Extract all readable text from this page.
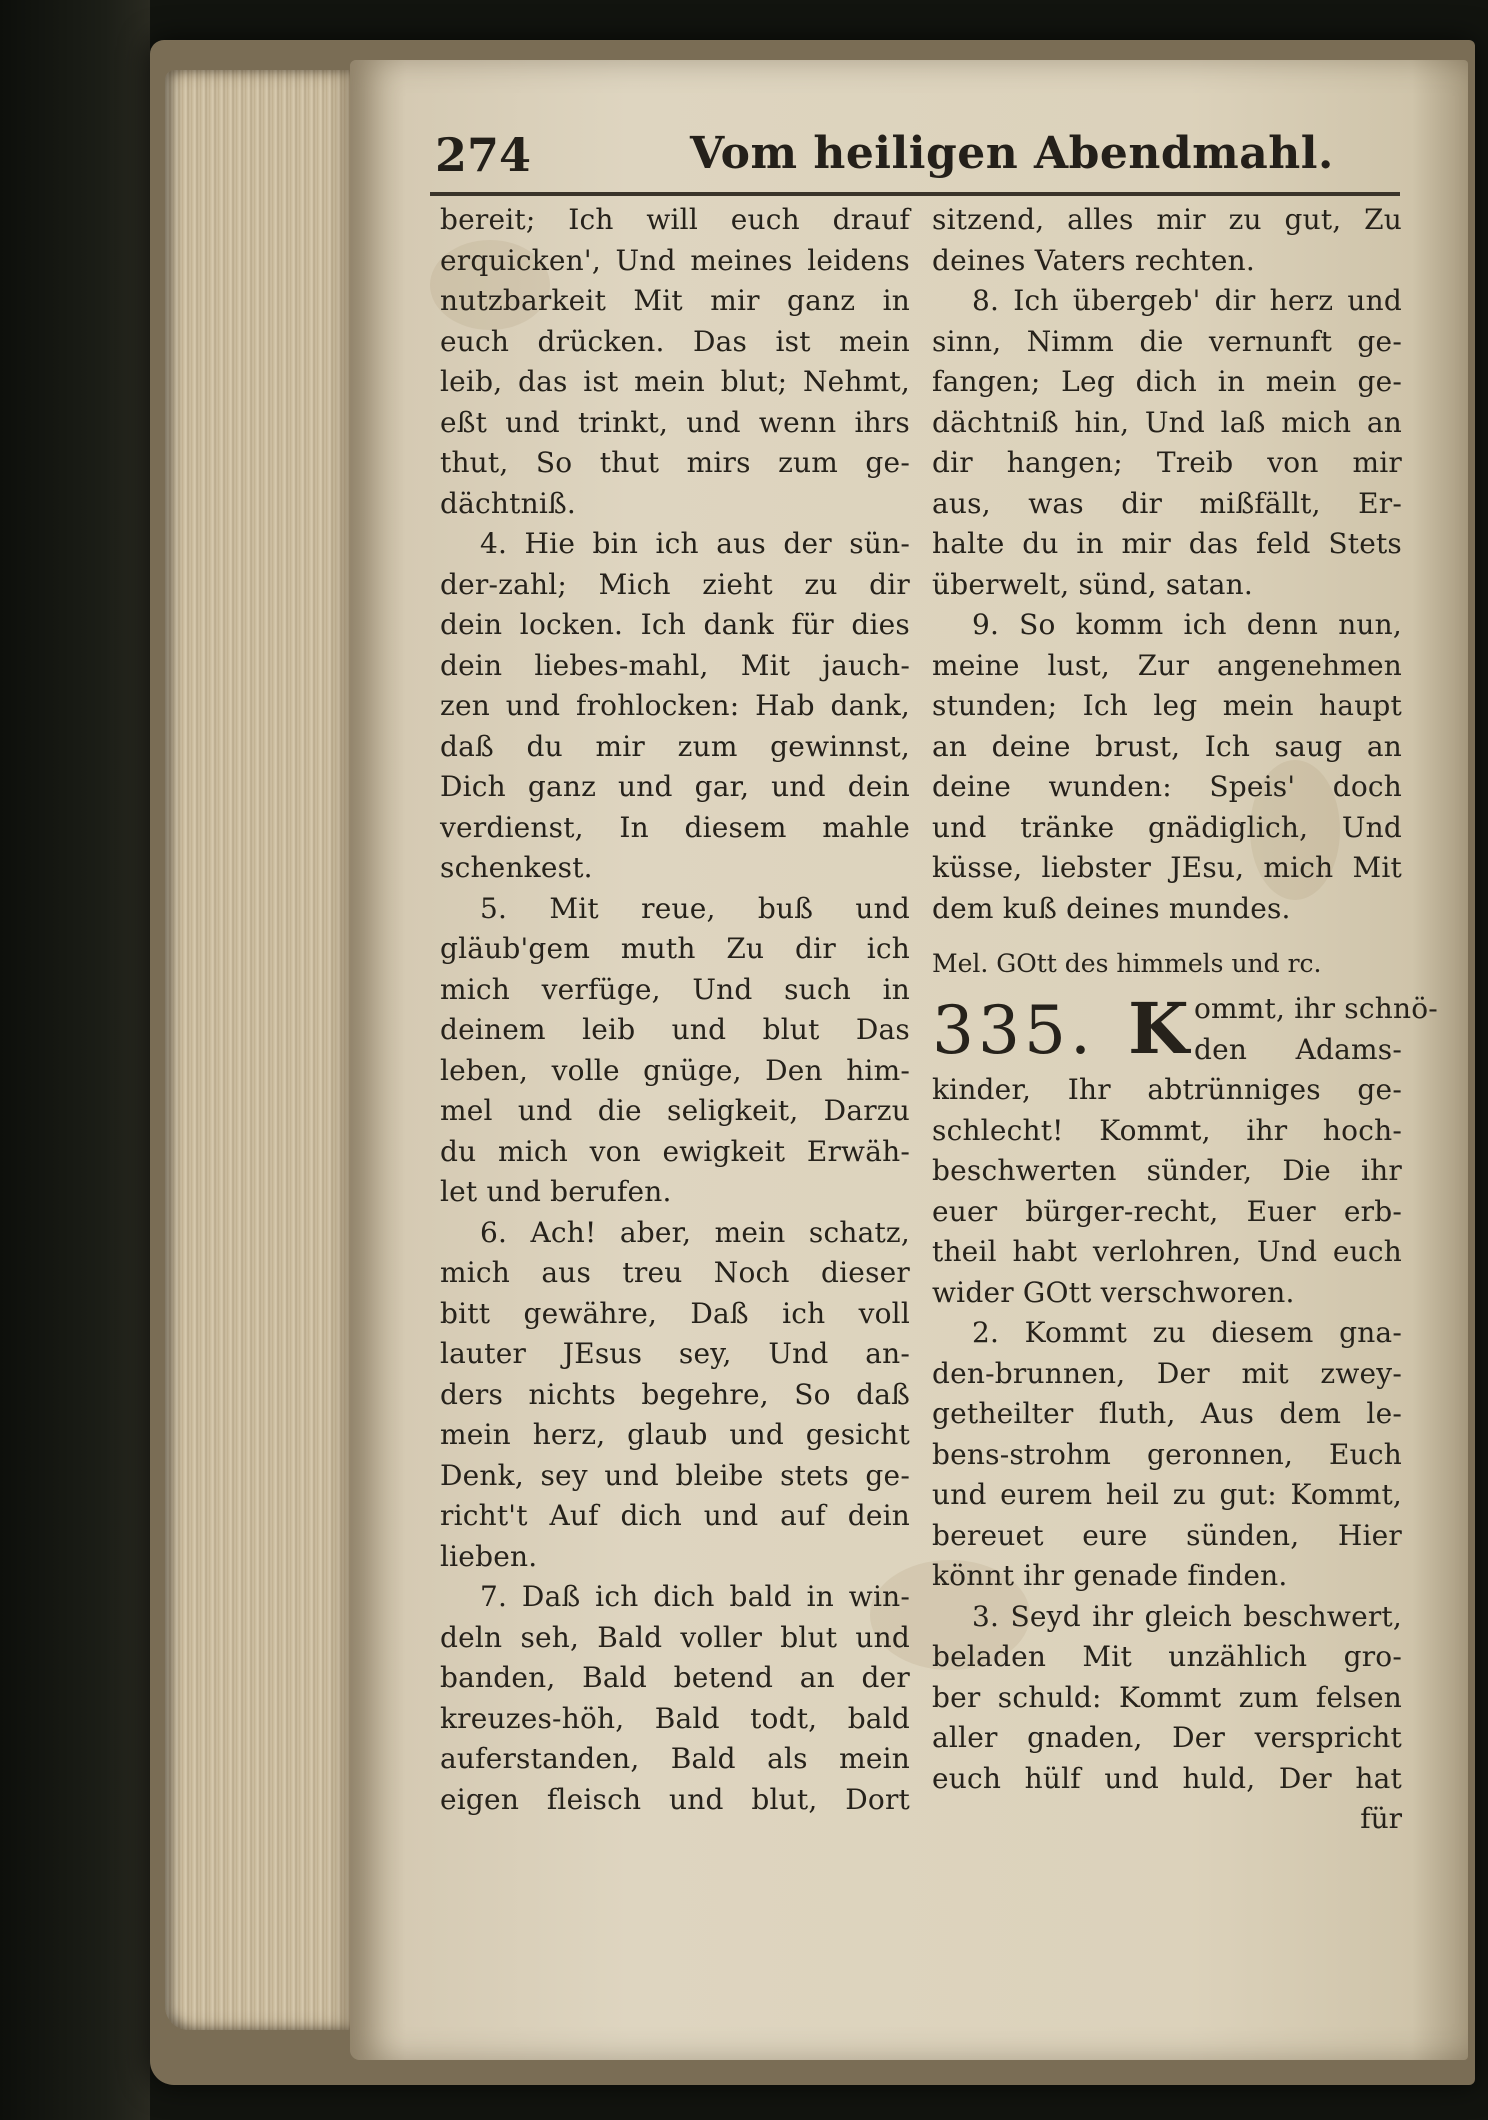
274	Vom heiligen Abendmahl.
bereit; Ich will euch drauf
erquicken', Und meines leidens
nutzbarkeit Mit mir ganz in
euch drücken. Das ist mein
leib, das ist mein blut; Nehmt,
eßt und trinkt, und wenn ihrs
thut, So thut mirs zum ge-
dächtniß.
4. Hie bin ich aus der sün-
der-zahl; Mich zieht zu dir
dein locken. Ich dank für dies
dein liebes-mahl, Mit jauch-
zen und frohlocken: Hab dank,
daß du mir zum gewinnst,
Dich ganz und gar, und dein
verdienst, In diesem mahle
schenkest.
5. Mit reue, buß und
gläub'gem muth Zu dir ich
mich verfüge, Und such in
deinem leib und blut Das
leben, volle gnüge, Den him-
mel und die seligkeit, Darzu
du mich von ewigkeit Erwäh-
let und berufen.
6. Ach! aber, mein schatz,
mich aus treu Noch dieser
bitt gewähre, Daß ich voll
lauter JEsus sey, Und an-
ders nichts begehre, So daß
mein herz, glaub und gesicht
Denk, sey und bleibe stets ge-
richt't Auf dich und auf dein
lieben.
7. Daß ich dich bald in win-
deln seh, Bald voller blut und
banden, Bald betend an der
kreuzes-höh, Bald todt, bald
auferstanden, Bald als mein
eigen fleisch und blut, Dort
sitzend, alles mir zu gut, Zu
deines Vaters rechten.
8. Ich übergeb' dir herz und
sinn, Nimm die vernunft ge-
fangen; Leg dich in mein ge-
dächtniß hin, Und laß mich an
dir hangen; Treib von mir
aus, was dir mißfällt, Er-
halte du in mir das feld Stets
überwelt, sünd, satan.
9. So komm ich denn nun,
meine lust, Zur angenehmen
stunden; Ich leg mein haupt
an deine brust, Ich saug an
deine wunden: Speis' doch
und tränke gnädiglich, Und
küsse, liebster JEsu, mich Mit
dem kuß deines mundes.
Mel. GOtt des himmels und rc.
335. K ommt, ihr schnö-
den Adams-
kinder, Ihr abtrünniges ge-
schlecht! Kommt, ihr hoch-
beschwerten sünder, Die ihr
euer bürger-recht, Euer erb-
theil habt verlohren, Und euch
wider GOtt verschworen.
2. Kommt zu diesem gna-
den-brunnen, Der mit zwey-
getheilter fluth, Aus dem le-
bens-strohm geronnen, Euch
und eurem heil zu gut: Kommt,
bereuet eure sünden, Hier
könnt ihr genade finden.
3. Seyd ihr gleich beschwert,
beladen Mit unzählich gro-
ber schuld: Kommt zum felsen
aller gnaden, Der verspricht
euch hülf und huld, Der hat
für
